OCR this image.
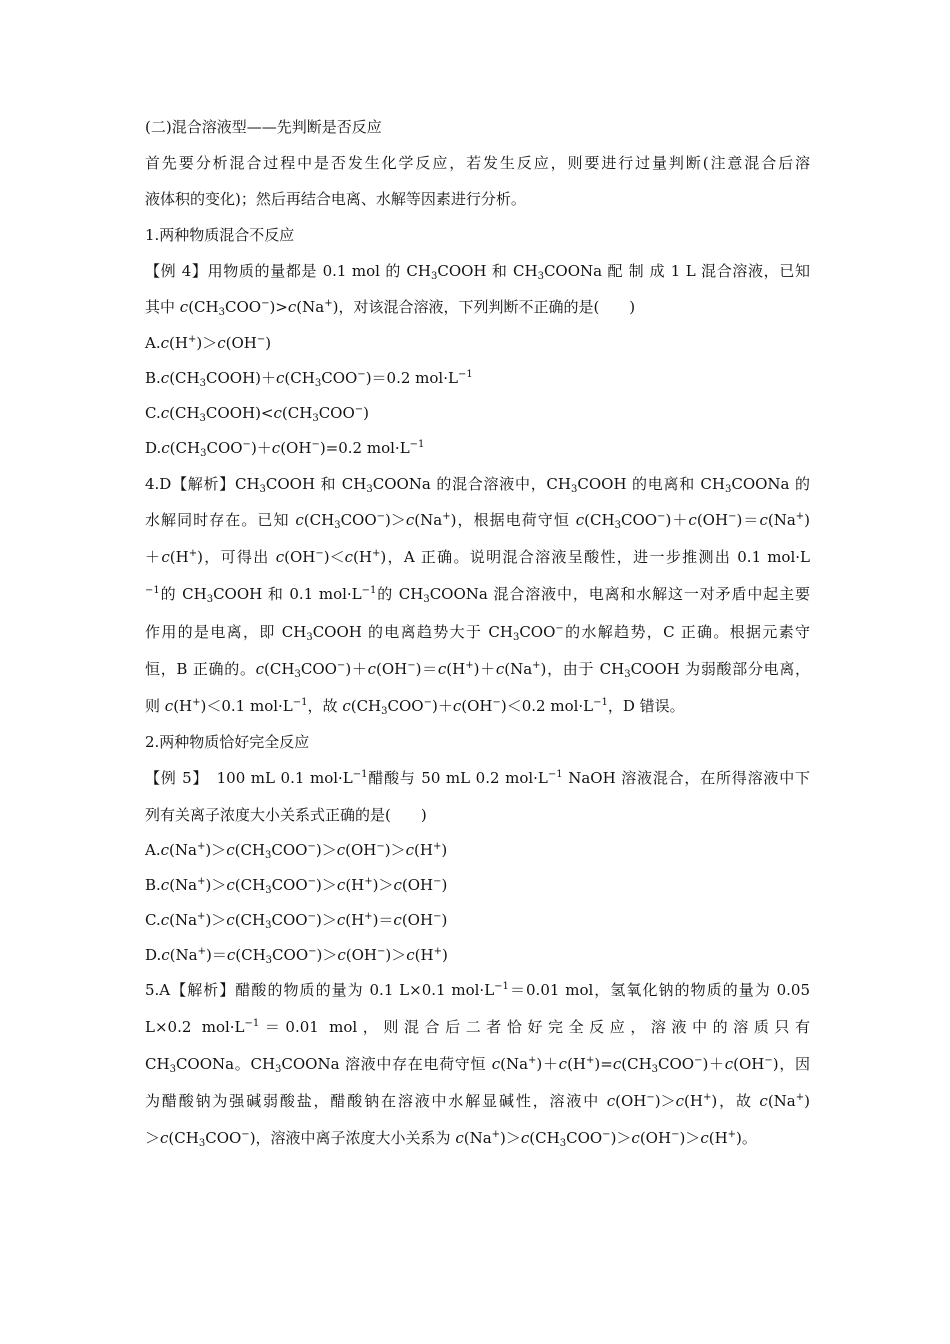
(二)混合溶液型——先判断是否反应
首先要分析混合过程中是否发生化学反应，若发生反应，则要进行过量判断(注意混合后溶
液体积的变化)；然后再结合电离、水解等因素进行分析。
1.两种物质混合不反应
【例 4】用物质的量都是 0.1 mol 的 $CH_3COOH$ 和 $CH_3COONa$ 配 制 成 1 L 混合溶液，已知
其中 $c(CH_3COO^-)>c(Na^+)$，对该混合溶液，下列判断不正确的是(　　)
A.c(H+)＞c(OH−)
$B.c(CH_3COOH)+c(CH_3COO^-)=0.2$ $mol\cdot L^{-1}$
$C.c(CH_3COOH)<c(CH_3COO^-)$
$D.c(CH_3COO^-)+c(OH^-)=0.2$ $mol\cdot L^{-1}$
4.D【解析】$CH_3COOH$ 和 $CH_3COONa$ 的混合溶液中，$CH_3COOH$ 的电离和 $CH_3COONa$ 的
水解同时存在。已知 $c(CH_3COO^-)>c(Na^+)$，根据电荷守恒 $c(CH_3COO^-)+c(OH^-)=c(Na^+)$
＋c(H+)，可得出 c(OH−)＜c(H+)，A 正确。说明混合溶液呈酸性，进一步推测出 0.1 mol·L
$^{-1}$的 $CH_3COOH$ 和 0.1 $mol\cdot L^{-1}$的 $CH_3COONa$ 混合溶液中，电离和水解这一对矛盾中起主要
作用的是电离，即 $CH_3COOH$ 的电离趋势大于 $CH_3COO^-$的水解趋势，C 正确。根据元素守
恒，B 正确的。$c(CH_3COO^-)+c(OH^-)=c(H^+)+c(Na^+)$，由于 $CH_3COOH$ 为弱酸部分电离，
则 c(H+)＜0.1 $mol\cdot L^{-1}$，故 $c(CH_3COO^-)+c(OH^-)<0.2$ $mol\cdot L^{-1}$，D 错误。
2.两种物质恰好完全反应
【例 5】　100 mL 0.1 $mol\cdot L^{-1}$醋酸与 50 mL 0.2 $mol\cdot L^{-1}$ NaOH 溶液混合，在所得溶液中下
列有关离子浓度大小关系式正确的是(　　)
$A.c(Na^+)>c(CH_3COO^-)>c(OH^-)>c(H^+)$
$B.c(Na^+)>c(CH_3COO^-)>c(H^+)>c(OH^-)$
$C.c(Na^+)>c(CH_3COO^-)>c(H^+)=c(OH^-)$
$D.c(Na^+)=c(CH_3COO^-)>c(OH^-)>c(H^+)$
5.A【解析】醋酸的物质的量为 0.1 L×0.1 $mol\cdot L^{-1}=0.01$ mol，氢氧化钠的物质的量为 0.05
L×0.2 $mol\cdot L^{-1}=0.01$ mol，则混合后二者恰好完全反应，溶液中的溶质只有
$CH_3COONa$。$CH_3COONa$ 溶液中存在电荷守恒 $c(Na^+)+c(H^+)=c(CH_3COO^-)+c(OH^-)$，因
为醋酸钠为强碱弱酸盐，醋酸钠在溶液中水解显碱性，溶液中 c(OH−)＞c(H+)，故 c(Na+)
$>c(CH_3COO^-)$，溶液中离子浓度大小关系为 $c(Na^+)>c(CH_3COO^-)>c(OH^-)>c(H^+)$。
